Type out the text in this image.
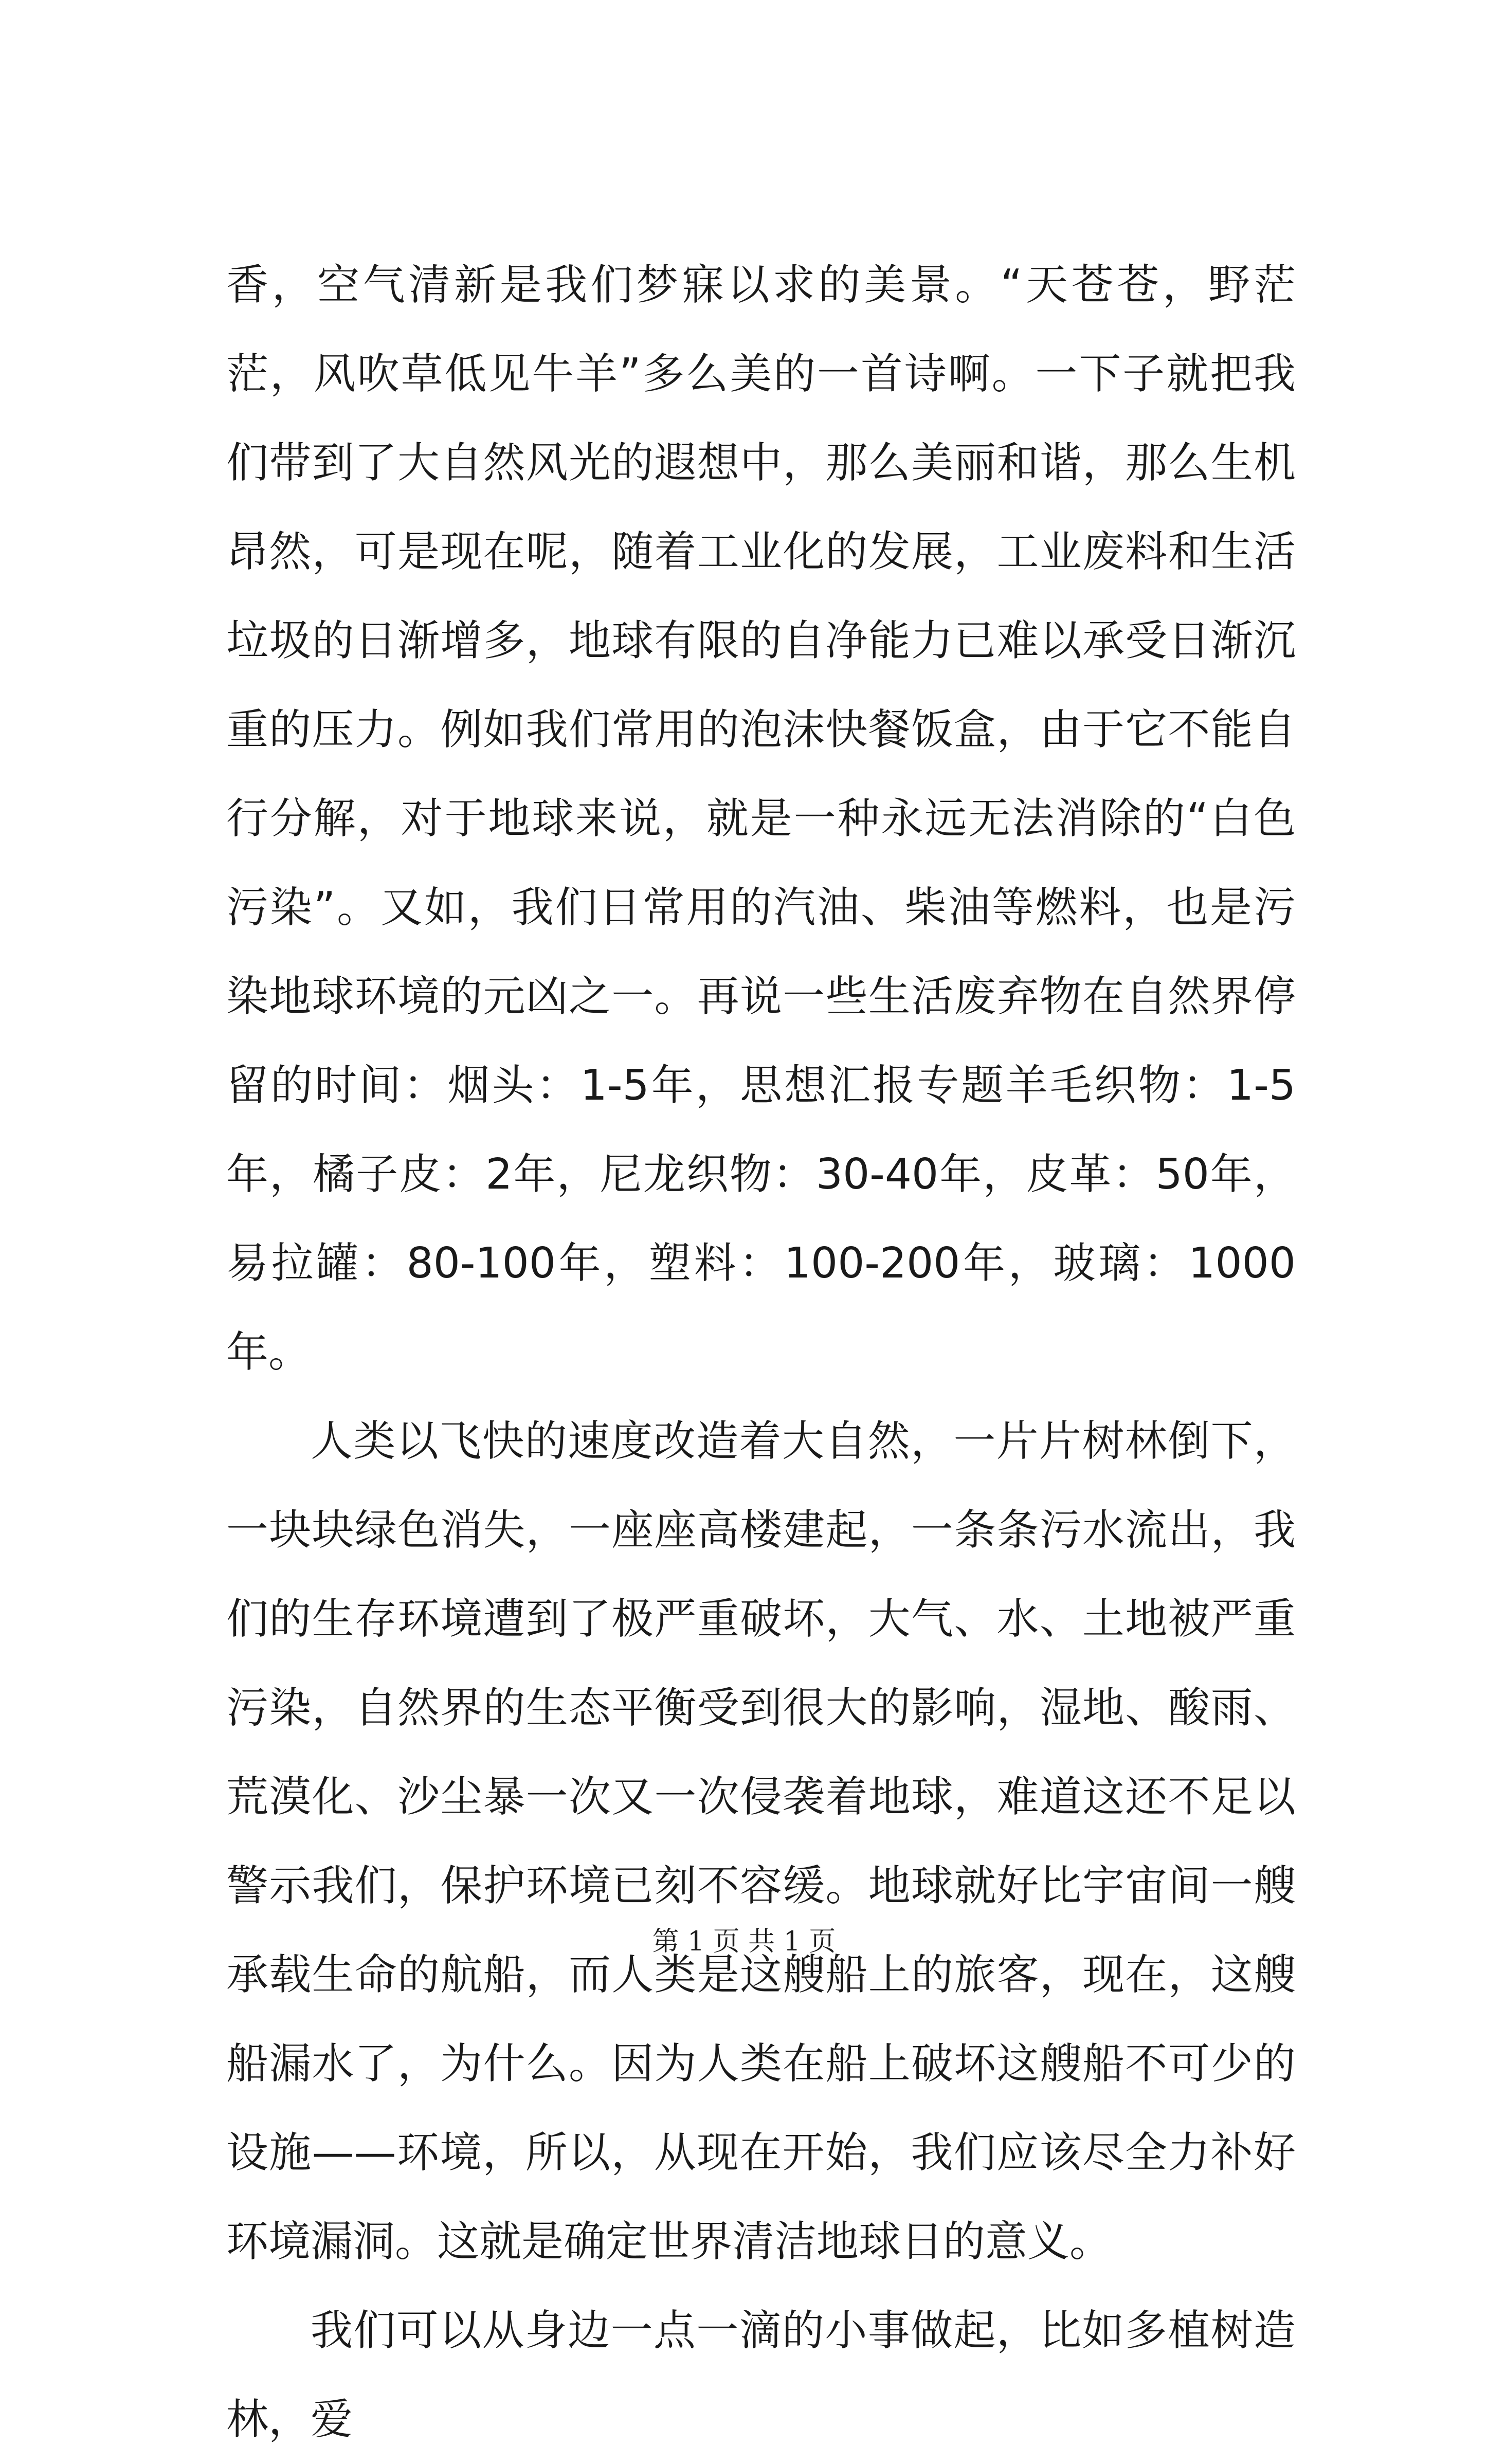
香，空气清新是我们梦寐以求的美景。“天苍苍，野茫茫，风吹草低见牛羊”多么美的一首诗啊。一下子就把我们带到了大自然风光的遐想中，那么美丽和谐，那么生机昂然，可是现在呢，随着工业化的发展，工业废料和生活垃圾的日渐增多，地球有限的自净能力已难以承受日渐沉重的压力。例如我们常用的泡沫快餐饭盒，由于它不能自行分解，对于地球来说，就是一种永远无法消除的“白色污染”。又如，我们日常用的汽油、柴油等燃料，也是污染地球环境的元凶之一。再说一些生活废弃物在自然界停留的时间：烟头：1-5年，思想汇报专题羊毛织物：1-5年，橘子皮：2年，尼龙织物：30-40年，皮革：50年，易拉罐：80-100年，塑料：100-200年，玻璃：1000年。

人类以飞快的速度改造着大自然，一片片树林倒下，一块块绿色消失，一座座高楼建起，一条条污水流出，我们的生存环境遭到了极严重破坏，大气、水、土地被严重污染，自然界的生态平衡受到很大的影响，湿地、酸雨、荒漠化、沙尘暴一次又一次侵袭着地球，难道这还不足以警示我们，保护环境已刻不容缓。地球就好比宇宙间一艘承载生命的航船，而人类是这艘船上的旅客，现在，这艘船漏水了，为什么。因为人类在船上破坏这艘船不可少的设施——环境，所以，从现在开始，我们应该尽全力补好环境漏洞。这就是确定世界清洁地球日的意义。

我们可以从身边一点一滴的小事做起，比如多植树造林，爱

第 1 页 共 1 页
